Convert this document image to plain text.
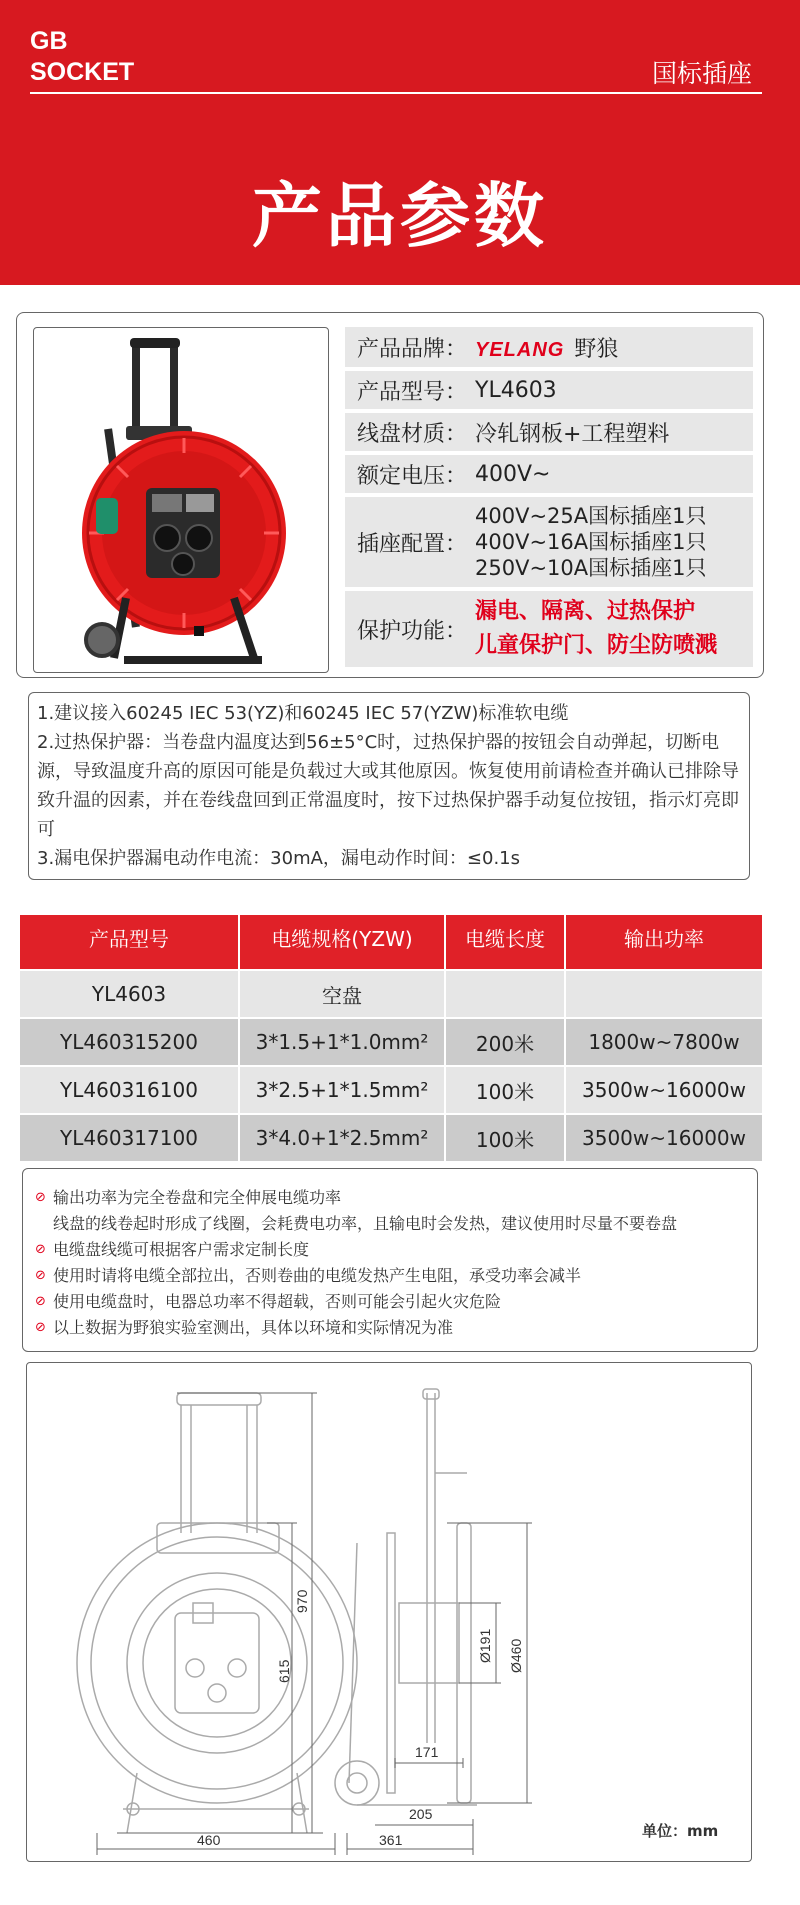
GB
SOCKET	国标插座
产品参数
产品品牌： YELANG 野狼
产品型号： YL4603
线盘材质： 冷轧钢板+工程塑料
额定电压： 400V~
插座配置：
400V~25A国标插座1只
400V~16A国标插座1只
250V~10A国标插座1只
保护功能：
漏电、隔离、过热保护
儿童保护门、防尘防喷溅
1.建议接入60245 IEC 53(YZ)和60245 IEC 57(YZW)标准软电缆
2.过热保护器：当卷盘内温度达到56±5°C时，过热保护器的按钮会自动弹起，切断电源，导致温度升高的原因可能是负载过大或其他原因。恢复使用前请检查并确认已排除导致升温的因素，并在卷线盘回到正常温度时，按下过热保护器手动复位按钮，指示灯亮即可
3.漏电保护器漏电动作电流：30mA，漏电动作时间：≤0.1s
产品型号	电缆规格(YZW)	电缆长度	输出功率
YL4603	空盘		
YL460315200	3*1.5+1*1.0mm²	200米	1800w~7800w
YL460316100	3*2.5+1*1.5mm²	100米	3500w~16000w
YL460317100	3*4.0+1*2.5mm²	100米	3500w~16000w
⊘ 输出功率为完全卷盘和完全伸展电缆功率
线盘的线卷起时形成了线圈，会耗费电功率，且输电时会发热，建议使用时尽量不要卷盘
⊘ 电缆盘线缆可根据客户需求定制长度
⊘ 使用时请将电缆全部拉出，否则卷曲的电缆发热产生电阻，承受功率会减半
⊘ 使用电缆盘时，电器总功率不得超载，否则可能会引起火灾危险
⊘ 以上数据为野狼实验室测出，具体以环境和实际情况为准
970
615
460
Ø191 Ø460
171
205
361	单位：mm
